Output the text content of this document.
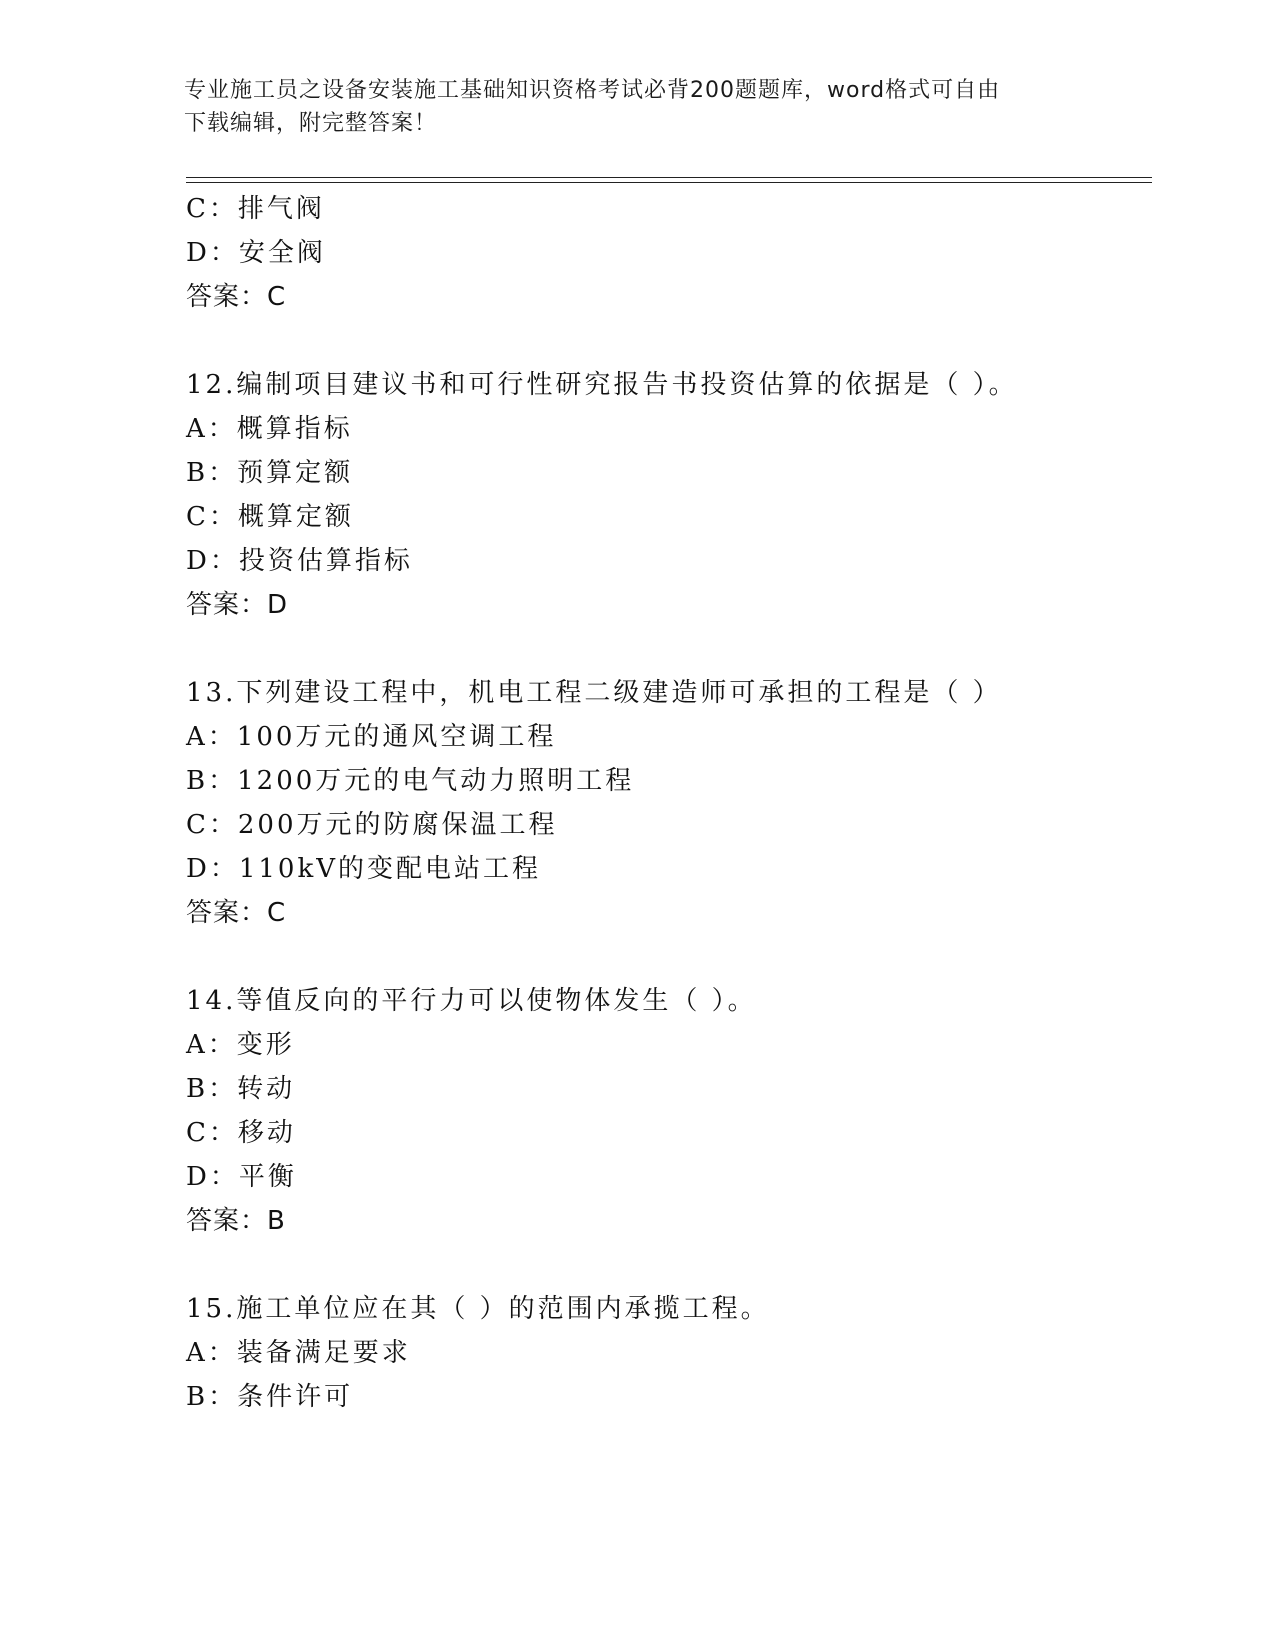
专业施工员之设备安装施工基础知识资格考试必背200题题库，word格式可自由
下载编辑，附完整答案！
C：排气阀
D：安全阀
答案：C
12.编制项目建议书和可行性研究报告书投资估算的依据是（ ）。
A：概算指标
B：预算定额
C：概算定额
D：投资估算指标
答案：D
13.下列建设工程中，机电工程二级建造师可承担的工程是（ ）
A：100万元的通风空调工程
B：1200万元的电气动力照明工程
C：200万元的防腐保温工程
D：110kV的变配电站工程
答案：C
14.等值反向的平行力可以使物体发生（ ）。
A：变形
B：转动
C：移动
D：平衡
答案：B
15.施工单位应在其（ ）的范围内承揽工程。
A：装备满足要求
B：条件许可
